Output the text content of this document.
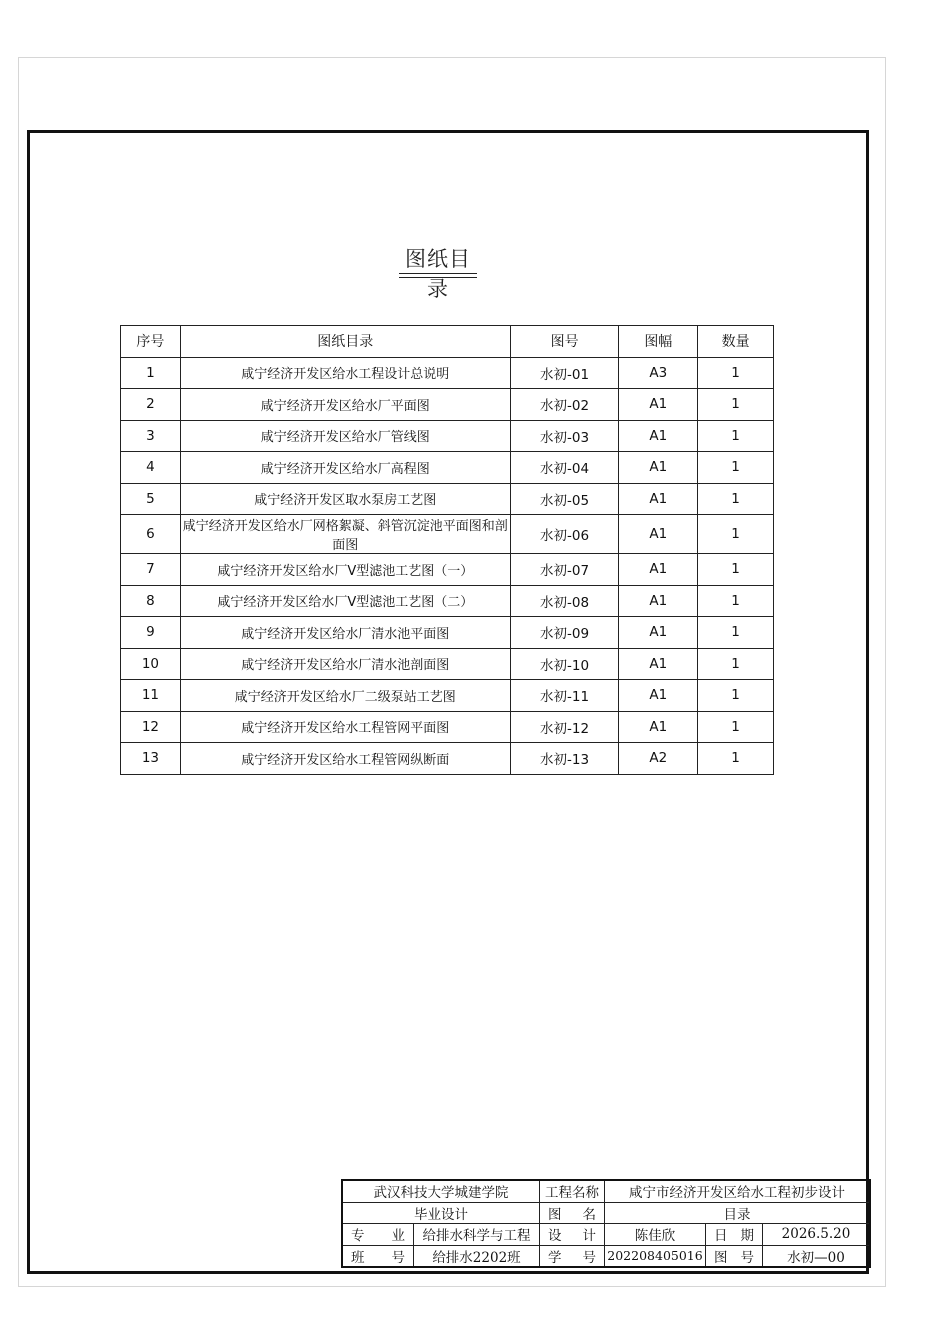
图纸目录
序号	图纸目录	图号	图幅	数量
1	咸宁经济开发区给水工程设计总说明	水初-01	A3	1
2	咸宁经济开发区给水厂平面图	水初-02	A1	1
3	咸宁经济开发区给水厂管线图	水初-03	A1	1
4	咸宁经济开发区给水厂高程图	水初-04	A1	1
5	咸宁经济开发区取水泵房工艺图	水初-05	A1	1
6	咸宁经济开发区给水厂网格絮凝、斜管沉淀池平面图和剖面图	水初-06	A1	1
7	咸宁经济开发区给水厂V型滤池工艺图（一）	水初-07	A1	1
8	咸宁经济开发区给水厂V型滤池工艺图（二）	水初-08	A1	1
9	咸宁经济开发区给水厂清水池平面图	水初-09	A1	1
10	咸宁经济开发区给水厂清水池剖面图	水初-10	A1	1
11	咸宁经济开发区给水厂二级泵站工艺图	水初-11	A1	1
12	咸宁经济开发区给水工程管网平面图	水初-12	A1	1
13	咸宁经济开发区给水工程管网纵断面	水初-13	A2	1
武汉科技大学城建学院		工程名称	咸宁市经济开发区给水工程初步设计		
毕业设计		图 名	目录		

专 业	给排水科学与工程	设 计	陈佳欣	日 期	2026.5.20

班 号	给排水2202班	学 号	202208405016	图 号	水初—00
